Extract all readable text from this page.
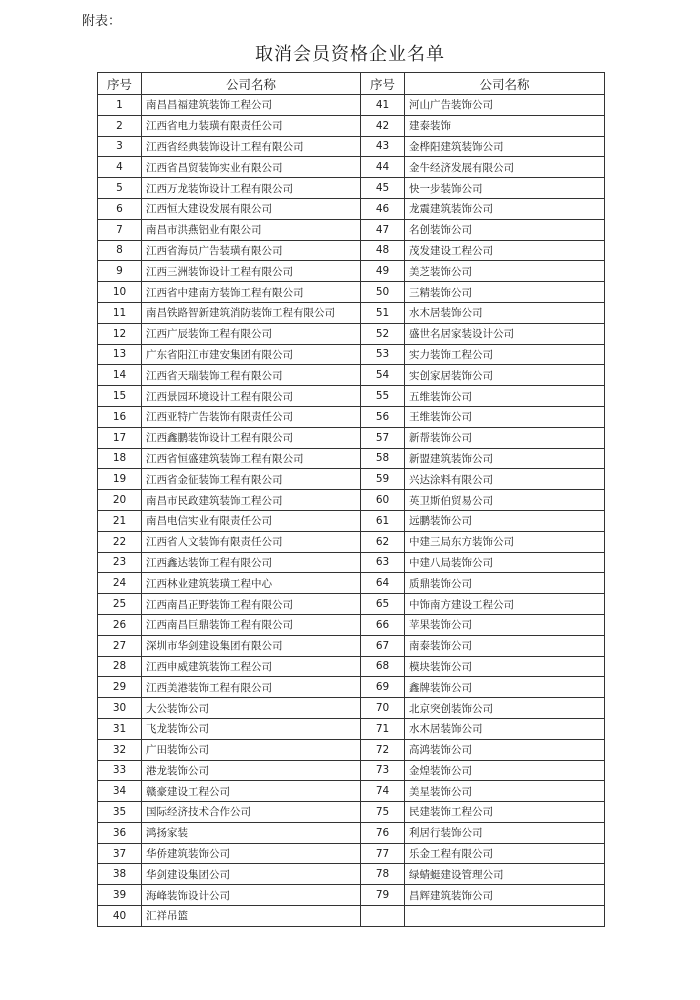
附表：
取消会员资格企业名单
序号	公司名称	序号	公司名称
1	南昌昌福建筑装饰工程公司	41	河山广告装饰公司
2	江西省电力装璜有限责任公司	42	建泰装饰
3	江西省经典装饰设计工程有限公司	43	金桦阳建筑装饰公司
4	江西省昌贸装饰实业有限公司	44	金牛经济发展有限公司
5	江西万龙装饰设计工程有限公司	45	快一步装饰公司
6	江西恒大建设发展有限公司	46	龙震建筑装饰公司
7	南昌市洪燕铝业有限公司	47	名创装饰公司
8	江西省海员广告装璜有限公司	48	茂发建设工程公司
9	江西三洲装饰设计工程有限公司	49	美芝装饰公司
10	江西省中建南方装饰工程有限公司	50	三精装饰公司
11	南昌铁路智新建筑消防装饰工程有限公司	51	水木居装饰公司
12	江西广辰装饰工程有限公司	52	盛世名居家装设计公司
13	广东省阳江市建安集团有限公司	53	实力装饰工程公司
14	江西省天瑞装饰工程有限公司	54	实创家居装饰公司
15	江西景园环境设计工程有限公司	55	五维装饰公司
16	江西亚特广告装饰有限责任公司	56	王维装饰公司
17	江西鑫鹏装饰设计工程有限公司	57	新帮装饰公司
18	江西省恒盛建筑装饰工程有限公司	58	新盟建筑装饰公司
19	江西省金征装饰工程有限公司	59	兴达涂料有限公司
20	南昌市民政建筑装饰工程公司	60	英卫斯伯贸易公司
21	南昌电信实业有限责任公司	61	远鹏装饰公司
22	江西省人文装饰有限责任公司	62	中建三局东方装饰公司
23	江西鑫达装饰工程有限公司	63	中建八局装饰公司
24	江西林业建筑装璜工程中心	64	质鼎装饰公司
25	江西南昌正野装饰工程有限公司	65	中饰南方建设工程公司
26	江西南昌巨鼎装饰工程有限公司	66	苹果装饰公司
27	深圳市华剑建设集团有限公司	67	南泰装饰公司
28	江西申威建筑装饰工程公司	68	模块装饰公司
29	江西美港装饰工程有限公司	69	鑫牌装饰公司
30	大公装饰公司	70	北京突创装饰公司
31	飞龙装饰公司	71	水木居装饰公司
32	广田装饰公司	72	高鸿装饰公司
33	港龙装饰公司	73	金煌装饰公司
34	赣豪建设工程公司	74	美星装饰公司
35	国际经济技术合作公司	75	民建装饰工程公司
36	鸿扬家装	76	利居行装饰公司
37	华侨建筑装饰公司	77	乐金工程有限公司
38	华剑建设集团公司	78	绿蜻蜓建设管理公司
39	海峰装饰设计公司	79	昌辉建筑装饰公司
40	汇祥吊篮		
